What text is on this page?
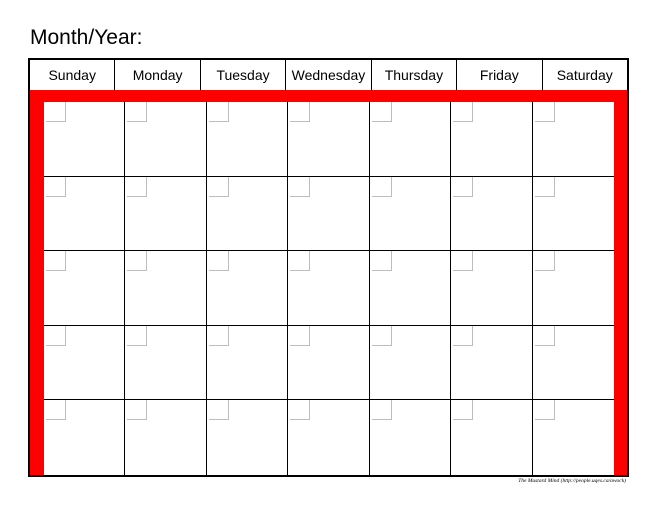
Month/Year:
Sunday	Monday	Tuesday	Wednesday	Thursday	Friday	Saturday
The Mustard Mind (http://people.uqes.ca/awock)
